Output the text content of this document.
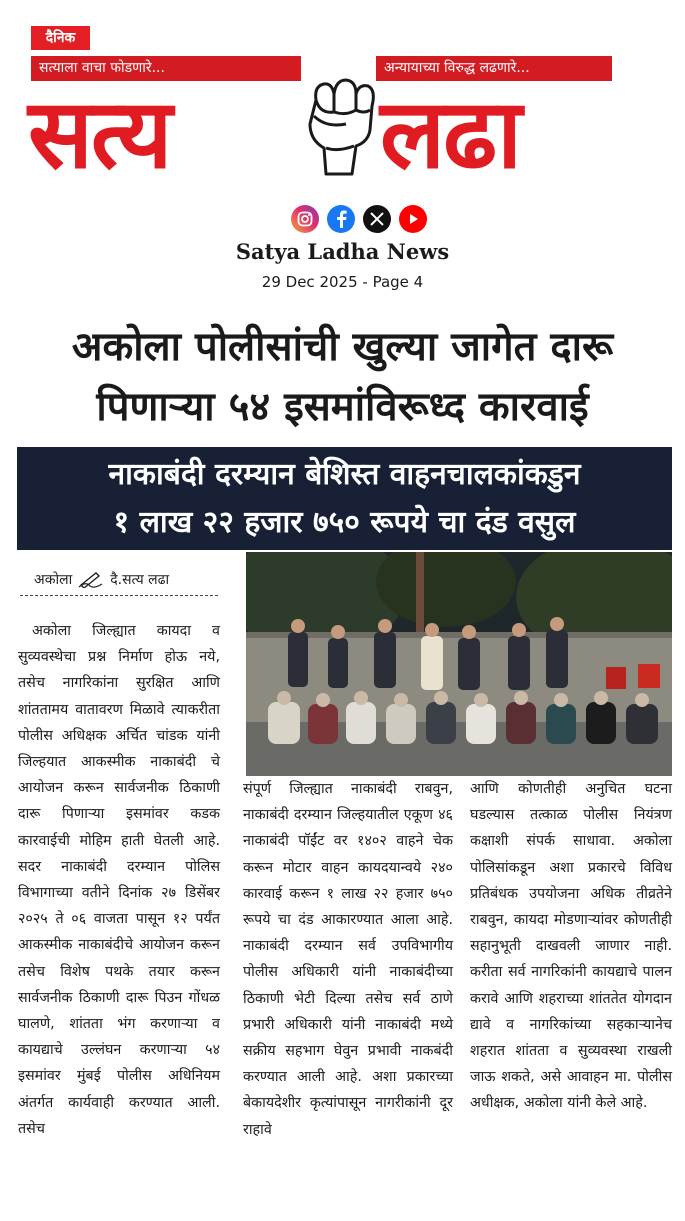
दैनिक
सत्याला वाचा फोडणारे...	अन्यायाच्या विरुद्ध लढणारे...
सत्य	लढा
Satya Ladha News
29 Dec 2025 - Page 4
अकोला पोलीसांची खुल्या जागेत दारू
पिणाऱ्या ५४ इसमांविरूध्द कारवाई
नाकाबंदी दरम्यान बेशिस्त वाहनचालकांकडुन
१ लाख २२ हजार ७५० रूपये चा दंड वसुल
अकोला	दै.सत्य लढा
अकोला जिल्ह्यात कायदा व सुव्यवस्थेचा प्रश्न निर्माण होऊ नये, तसेच नागरिकांना सुरक्षित आणि शांततामय वातावरण मिळावे त्याकरीता पोलीस अधिक्षक अर्चित चांडक यांनी जिल्हयात आकस्मीक नाकाबंदी चे आयोजन करून सार्वजनीक ठिकाणी दारू पिणाऱ्या इसमांवर कडक कारवाईची मोहिम हाती घेतली आहे. सदर नाकाबंदी दरम्यान पोलिस विभागाच्या वतीने दिनांक २७ डिसेंबर २०२५ ते ०६ वाजता पासून १२ पर्यंत आकस्मीक नाकाबंदीचे आयोजन करून तसेच विशेष पथके तयार करून सार्वजनीक ठिकाणी दारू पिउन गोंधळ घालणे, शांतता भंग करणाऱ्या व कायद्याचे उल्लंघन करणाऱ्या ५४ इसमांवर मुंबई पोलीस अधिनियम अंतर्गत कार्यवाही करण्यात आली. तसेच
संपूर्ण जिल्ह्यात नाकाबंदी राबवुन, नाकाबंदी दरम्यान जिल्हयातील एकूण ४६ नाकाबंदी पॉईंट वर १४०२ वाहने चेक करून मोटार वाहन कायदयान्वये २४० कारवाई करून १ लाख २२ हजार ७५० रूपये चा दंड आकारण्यात आला आहे. नाकाबंदी दरम्यान सर्व उपविभागीय पोलीस अधिकारी यांनी नाकाबंदीच्या ठिकाणी भेटी दिल्या तसेच सर्व ठाणे प्रभारी अधिकारी यांनी नाकाबंदी मध्ये सक्रीय सहभाग घेवुन प्रभावी नाकबंदी करण्यात आली आहे. अशा प्रकारच्या बेकायदेशीर कृत्यांपासून नागरीकांनी दूर राहावे
आणि कोणतीही अनुचित घटना घडल्यास तत्काळ पोलीस नियंत्रण कक्षाशी संपर्क साधावा. अकोला पोलिसांकडून अशा प्रकारचे विविध प्रतिबंधक उपयोजना अधिक तीव्रतेने राबवुन, कायदा मोडणाऱ्यांवर कोणतीही सहानुभूती दाखवली जाणार नाही. करीता सर्व नागरिकांनी कायद्याचे पालन करावे आणि शहराच्या शांततेत योगदान द्यावे व नागरिकांच्या सहकाऱ्यानेच शहरात शांतता व सुव्यवस्था राखली जाऊ शकते, असे आवाहन मा. पोलीस अधीक्षक, अकोला यांनी केले आहे.
